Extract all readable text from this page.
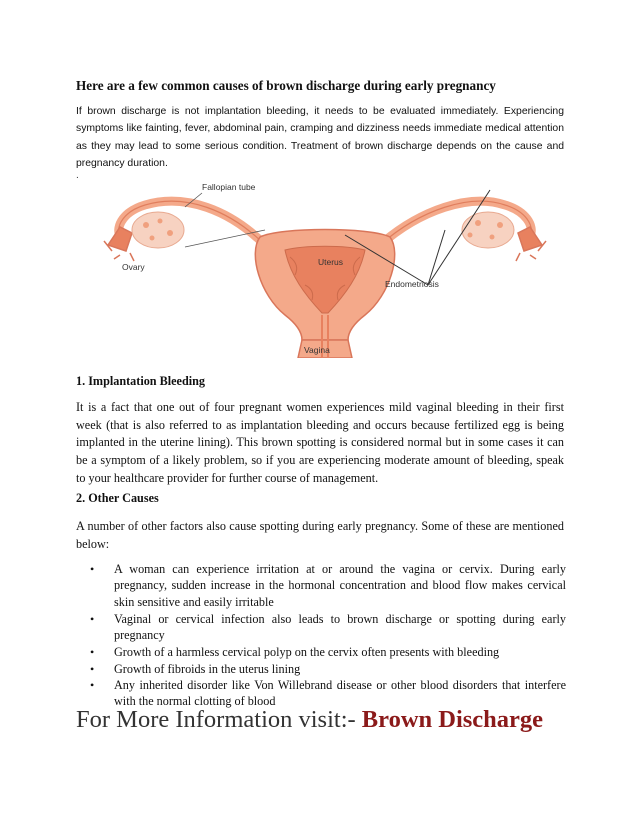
Here are a few common causes of brown discharge during early pregnancy
If brown discharge is not implantation bleeding, it needs to be evaluated immediately. Experiencing symptoms like fainting, fever, abdominal pain, cramping and dizziness needs immediate medical attention as they may lead to some serious condition. Treatment of brown discharge depends on the cause and pregnancy duration.
.
Fallopian tube
Ovary	Uterus
Endometriosis
Vagina
1. Implantation Bleeding
It is a fact that one out of four pregnant women experiences mild vaginal bleeding in their first week (that is also referred to as implantation bleeding and occurs because fertilized egg is being implanted in the uterine lining). This brown spotting is considered normal but in some cases it can be a symptom of a likely problem, so if you are experiencing moderate amount of bleeding, speak to your healthcare provider for further course of management.
2. Other Causes
A number of other factors also cause spotting during early pregnancy. Some of these are mentioned below:
• A woman can experience irritation at or around the vagina or cervix. During early pregnancy, sudden increase in the hormonal concentration and blood flow makes cervical skin sensitive and easily irritable
• Vaginal or cervical infection also leads to brown discharge or spotting during early pregnancy
• Growth of a harmless cervical polyp on the cervix often presents with bleeding
• Growth of fibroids in the uterus lining
• Any inherited disorder like Von Willebrand disease or other blood disorders that interfere with the normal clotting of blood
For More Information visit:- Brown Discharge
